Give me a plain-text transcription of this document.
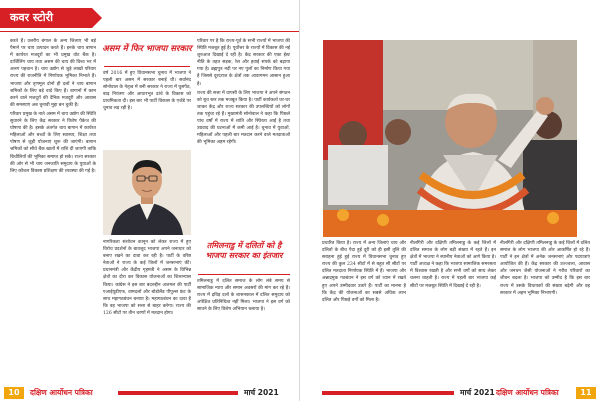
कवर स्टोरी

करते हैं। उत्तरीय बंगाल के अन्य जिलाए भी बड़े पैमाने पर चाय उत्पादन करते हैं। इनके चाय बागान में कार्यरत मजदूरों का भी प्रमुख वोट बैंक है। दार्जिलिंग चाय तथा असम की चाय की विश्व भर में अलग पहचान है। चाय उद्योग से जुड़े लाखों परिवार राज्य की राजनीति में निर्णायक भूमिका निभाते हैं। भाजपा और तृणमूल दोनों ही दलों ने चाय बागान श्रमिकों के लिए बड़े वादे किए हैं। बागानों में काम करने वाले मजदूरों की दैनिक मजदूरी और आवास की समस्याएं अब चुनावी मुद्दा बन चुकी हैं।

परिवार प्रमुख के नाते असम में चाय उद्योग की स्थिति सुधारने के लिए केंद्र सरकार ने विशेष पैकेज की घोषणा की है। इसके अंतर्गत चाय बागान में कार्यरत महिलाओं और बच्चों के लिए स्वास्थ्य, शिक्षा तथा पोषण से जुड़ी योजनाएं शुरू की जाएंगी। बागान श्रमिकों को सीधे बैंक खातों में राशि दी जाएगी ताकि बिचौलियों की भूमिका समाप्त हो सके। राज्य सरकार की ओर से भी चाय जनजाति समुदाय के युवाओं के लिए कौशल विकास प्रशिक्षण की व्यवस्था की गई है।

असम में फिर भाजपा सरकार

वर्ष 2016 में हुए विधानसभा चुनाव में भाजपा ने पहली बार असम में सरकार बनाई थी। सर्वानंद सोनोवाल के नेतृत्व में बनी सरकार ने राज्य में घुसपैठ, बाढ़ नियंत्रण और आधारभूत ढांचे के विकास को प्राथमिकता दी। इस बार भी पार्टी विकास के एजेंडे पर चुनाव लड़ रही है।

नागरिकता संशोधन कानून को लेकर राज्य में हुए विरोध प्रदर्शनों के बावजूद भाजपा अपने जनाधार को बनाए रखने का दावा कर रही है। पार्टी के वरिष्ठ नेताओं ने राज्य के कई जिलों में जनसभाएं कीं। प्रधानमंत्री और केंद्रीय गृहमंत्री ने असम के विभिन्न क्षेत्रों का दौरा कर विकास योजनाओं का शिलान्यास किया। कांग्रेस ने इस बार बदरुद्दीन अजमल की पार्टी एआईयूडीएफ, वामदलों और बोडोलैंड पीपुल्स फ्रंट के साथ महागठबंधन बनाया है। महागठबंधन का दावा है कि वह भाजपा को सत्ता से बाहर करेगा। राज्य की 126 सीटों पर तीन चरणों में मतदान होगा।

परिवार पर है कि राज्य-पूर्व के सभी राज्यों में भाजपा की स्थिति मजबूत हुई है। पूर्वोत्तर के राज्यों में विकास की नई शुरुआत दिखाई दे रही है। केंद्र सरकार की एक्ट ईस्ट नीति के तहत सड़क, रेल और हवाई संपर्क को बढ़ाया गया है। ब्रह्मपुत्र नदी पर नए पुलों का निर्माण किया गया है जिससे दूरदराज के क्षेत्रों तक आवागमन आसान हुआ है।

राज्य की सत्ता में वापसी के लिए भाजपा ने अपने संगठन को बूथ स्तर तक मजबूत किया है। पार्टी कार्यकर्ता घर-घर जाकर केंद्र और राज्य सरकार की उपलब्धियों को लोगों तक पहुंचा रहे हैं। मुख्यमंत्री सोनोवाल ने कहा कि पिछले पांच वर्षों में राज्य में शांति और स्थिरता आई है तथा उग्रवाद की घटनाओं में कमी आई है। चुनाव में युवाओं, महिलाओं और पहली बार मतदान करने वाले मतदाताओं की भूमिका अहम रहेगी।

तमिलनाडु में दलितों को है भाजपा सरकार का इंतजार

तमिलनाडु में दलित समाज के लोग लंबे समय से सामाजिक न्याय और समान अवसरों की मांग कर रहे हैं। राज्य में द्रविड़ दलों के शासनकाल में दलित समुदाय को अपेक्षित प्रतिनिधित्व नहीं मिला। भाजपा ने इस वर्ग को साधने के लिए विशेष अभियान चलाया है।

10	दक्षिण आर्योधन पत्रिका	मार्च 2021

प्रचारित किया है। राज्य में अन्य जिलाएं चाय और दलितों के बीच पैदा हुई दूरी को ही इसी तुलि की सराहना हुई हुई राज्य में विधानसभा चुनाव हुए राज्य की कुल 234 सीटों में से बहुत सी सीटों पर दलित मतदाता निर्णायक स्थिति में हैं। भाजपा और अन्नाद्रमुक गठबंधन ने इस वर्ग को ध्यान में रखते हुए अपने उम्मीदवार उतारे हैं। पार्टी का मानना है कि केंद्र की योजनाओं का सबसे अधिक लाभ दलित और पिछड़े वर्गों को मिला है।

नीलगिरी और दक्षिणी तमिलनाडु के कई जिलों में दलित समाज के लोग बड़ी संख्या में रहते हैं। इन क्षेत्रों में भाजपा ने स्थानीय नेताओं को आगे किया है। पार्टी अध्यक्ष ने कहा कि भाजपा सामाजिक समरसता में विश्वास रखती है और सभी वर्गों को साथ लेकर चलना चाहती है। राज्य में पहली बार भाजपा कई सीटों पर मजबूत स्थिति में दिखाई दे रही है।

नीलगिरी और दक्षिणी तमिलनाडु के कई जिलों में दलित समाज के लोग भाजपा की ओर आकर्षित हो रहे हैं। पार्टी ने इन क्षेत्रों में अनेक जनसभाएं और पदयात्राएं आयोजित की हैं। केंद्र सरकार की उज्ज्वला, आवास और जनधन जैसी योजनाओं ने गरीब परिवारों का जीवन बदला है। भाजपा को उम्मीद है कि इस बार राज्य में उसके विधायकों की संख्या बढ़ेगी और वह सरकार में अहम भूमिका निभाएगी।

मार्च 2021 दक्षिण आर्योधन पत्रिका	11
